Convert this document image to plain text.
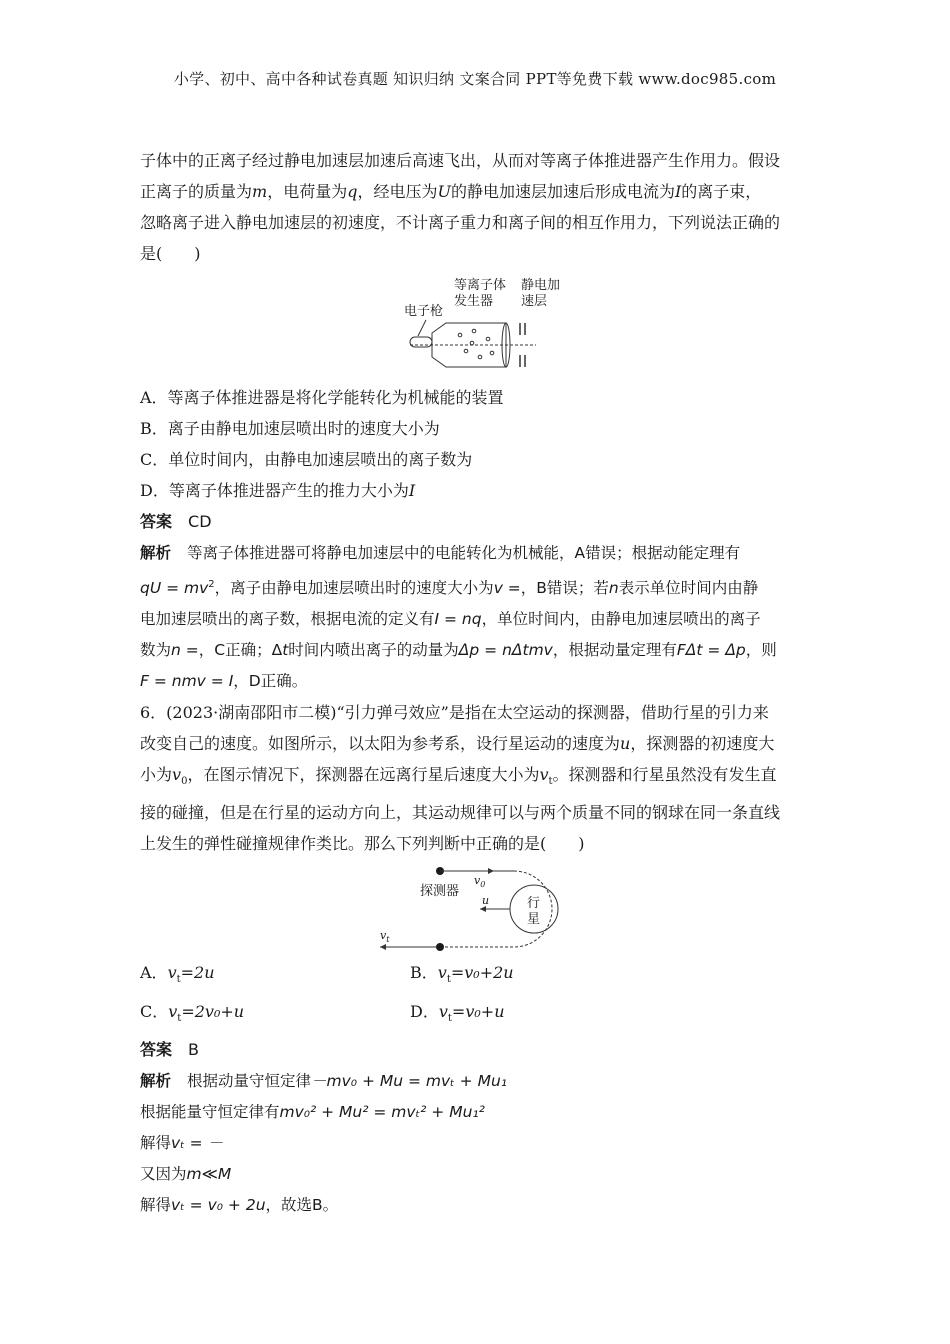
小学、初中、高中各种试卷真题 知识归纳 文案合同 PPT等免费下载 www.doc985.com

子体中的正离子经过静电加速层加速后高速飞出，从而对等离子体推进器产生作用力。假设

正离子的质量为m，电荷量为q，经电压为U的静电加速层加速后形成电流为I的离子束，

忽略离子进入静电加速层的初速度，不计离子重力和离子间的相互作用力，下列说法正确的

是(　　)

等离子体
发生器
静电加
速层
电子枪

A．等离子体推进器是将化学能转化为机械能的装置

B．离子由静电加速层喷出时的速度大小为

C．单位时间内，由静电加速层喷出的离子数为

D．等离子体推进器产生的推力大小为I

答案 CD

解析 等离子体推进器可将静电加速层中的电能转化为机械能，A错误；根据动能定理有

qU = $mv^2$，离子由静电加速层喷出时的速度大小为v =，B错误；若n表示单位时间内由静

电加速层喷出的离子数，根据电流的定义有I = nq，单位时间内，由静电加速层喷出的离子

数为n =，C正确；Δt时间内喷出离子的动量为Δp = nΔtmv，根据动量定理有FΔt = Δp，则

F = nmv = I，D正确。

6．(2023·湖南邵阳市二模)“引力弹弓效应”是指在太空运动的探测器，借助行星的引力来

改变自己的速度。如图所示，以太阳为参考系，设行星运动的速度为u，探测器的初速度大

小为$v_0$，在图示情况下，探测器在远离行星后速度大小为$v_t$。探测器和行星虽然没有发生直

接的碰撞，但是在行星的运动方向上，其运动规律可以与两个质量不同的钢球在同一条直线

上发生的弹性碰撞规律作类比。那么下列判断中正确的是(　　)

$v_0$
探测器
行
星
u
$v_t$

A．$v_t=2u$	B．$v_t=v_0+2u$

C．$v_t=2v_0+u$	D．$v_t=v_0+u$

答案 B

解析 根据动量守恒定律－mv₀ + Mu = mvₜ + Mu₁

根据能量守恒定律有mv₀² + Mu² = mvₜ² + Mu₁²

解得vₜ = －

又因为m≪M

解得vₜ = v₀ + 2u，故选B。
